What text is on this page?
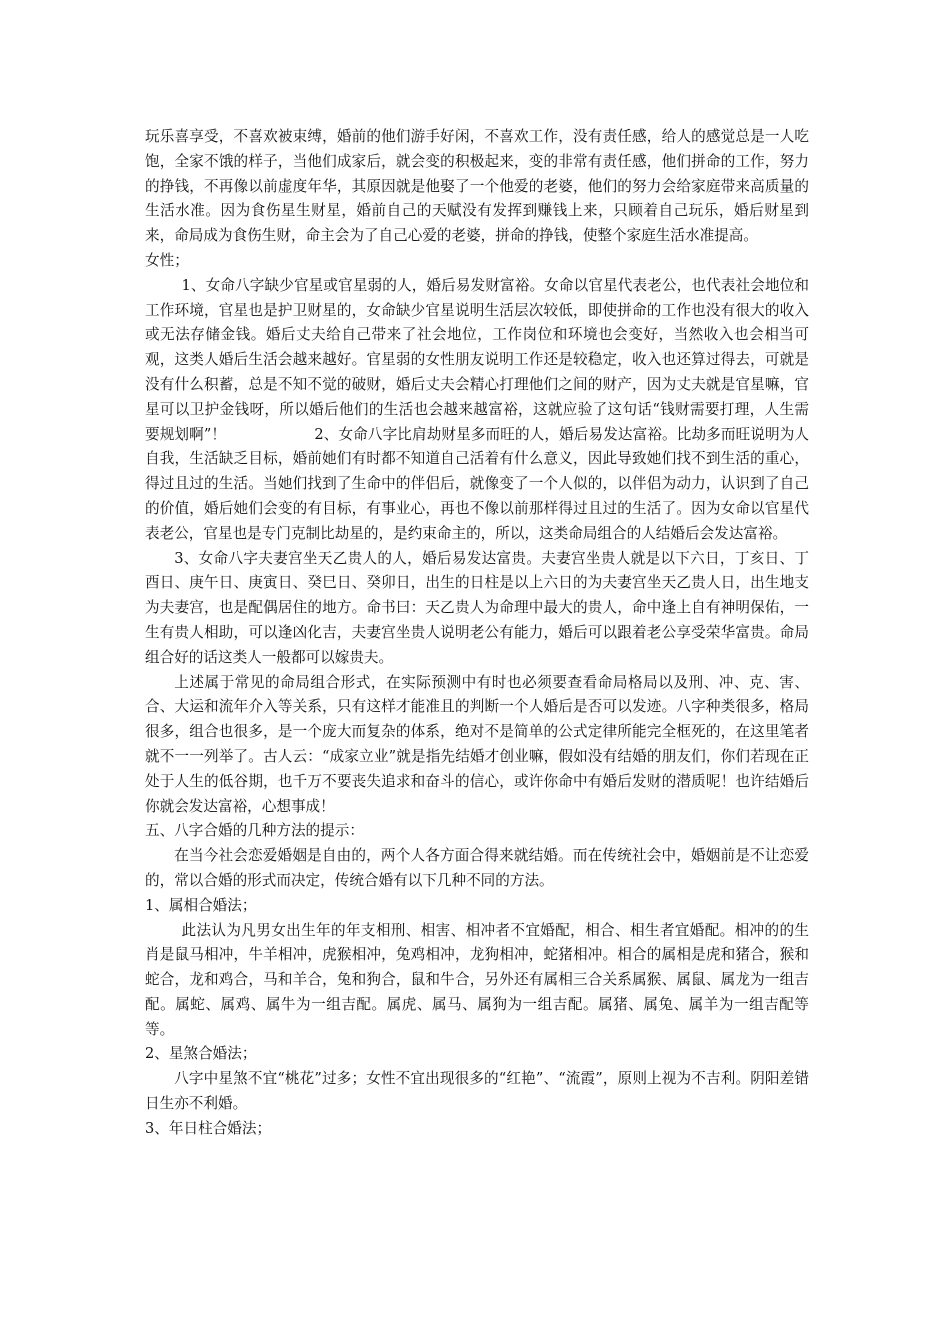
玩乐喜享受，不喜欢被束缚，婚前的他们游手好闲，不喜欢工作，没有责任感，给人的感觉总是一人吃饱，全家不饿的样子，当他们成家后，就会变的积极起来，变的非常有责任感，他们拼命的工作，努力的挣钱，不再像以前虚度年华，其原因就是他娶了一个他爱的老婆，他们的努力会给家庭带来高质量的生活水准。因为食伤星生财星，婚前自己的天赋没有发挥到赚钱上来，只顾着自己玩乐，婚后财星到来，命局成为食伤生财，命主会为了自己心爱的老婆，拼命的挣钱，使整个家庭生活水准提高。

女性；

1、女命八字缺少官星或官星弱的人，婚后易发财富裕。女命以官星代表老公，也代表社会地位和工作环境，官星也是护卫财星的，女命缺少官星说明生活层次较低，即使拼命的工作也没有很大的收入或无法存储金钱。婚后丈夫给自己带来了社会地位，工作岗位和环境也会变好，当然收入也会相当可观，这类人婚后生活会越来越好。官星弱的女性朋友说明工作还是较稳定，收入也还算过得去，可就是没有什么积蓄，总是不知不觉的破财，婚后丈夫会精心打理他们之间的财产，因为丈夫就是官星嘛，官星可以卫护金钱呀，所以婚后他们的生活也会越来越富裕，这就应验了这句话“钱财需要打理，人生需要规划啊”！　　　　　　2、女命八字比肩劫财星多而旺的人，婚后易发达富裕。比劫多而旺说明为人自我，生活缺乏目标，婚前她们有时都不知道自己活着有什么意义，因此导致她们找不到生活的重心，得过且过的生活。当她们找到了生命中的伴侣后，就像变了一个人似的，以伴侣为动力，认识到了自己的价值，婚后她们会变的有目标，有事业心，再也不像以前那样得过且过的生活了。因为女命以官星代表老公，官星也是专门克制比劫星的，是约束命主的，所以，这类命局组合的人结婚后会发达富裕。

3、女命八字夫妻宫坐天乙贵人的人，婚后易发达富贵。夫妻宫坐贵人就是以下六日，丁亥日、丁酉日、庚午日、庚寅日、癸巳日、癸卯日，出生的日柱是以上六日的为夫妻宫坐天乙贵人日，出生地支为夫妻宫，也是配偶居住的地方。命书曰：天乙贵人为命理中最大的贵人，命中逢上自有神明保佑，一生有贵人相助，可以逢凶化吉，夫妻宫坐贵人说明老公有能力，婚后可以跟着老公享受荣华富贵。命局组合好的话这类人一般都可以嫁贵夫。

上述属于常见的命局组合形式，在实际预测中有时也必须要查看命局格局以及刑、冲、克、害、合、大运和流年介入等关系，只有这样才能准且的判断一个人婚后是否可以发迹。八字种类很多，格局很多，组合也很多，是一个庞大而复杂的体系，绝对不是简单的公式定律所能完全框死的，在这里笔者就不一一列举了。古人云：“成家立业”就是指先结婚才创业嘛，假如没有结婚的朋友们，你们若现在正处于人生的低谷期，也千万不要丧失追求和奋斗的信心，或许你命中有婚后发财的潜质呢！也许结婚后你就会发达富裕，心想事成！

五、八字合婚的几种方法的提示：

在当今社会恋爱婚姻是自由的，两个人各方面合得来就结婚。而在传统社会中，婚姻前是不让恋爱的，常以合婚的形式而决定，传统合婚有以下几种不同的方法。

1、属相合婚法；

此法认为凡男女出生年的年支相刑、相害、相冲者不宜婚配，相合、相生者宜婚配。相冲的的生肖是鼠马相冲，牛羊相冲，虎猴相冲，兔鸡相冲，龙狗相冲，蛇猪相冲。相合的属相是虎和猪合，猴和蛇合，龙和鸡合，马和羊合，兔和狗合，鼠和牛合，另外还有属相三合关系属猴、属鼠、属龙为一组吉配。属蛇、属鸡、属牛为一组吉配。属虎、属马、属狗为一组吉配。属猪、属兔、属羊为一组吉配等等。

2、星煞合婚法；

八字中星煞不宜“桃花”过多；女性不宜出现很多的“红艳”、“流霞”，原则上视为不吉利。阴阳差错日生亦不利婚。

3、年日柱合婚法；
